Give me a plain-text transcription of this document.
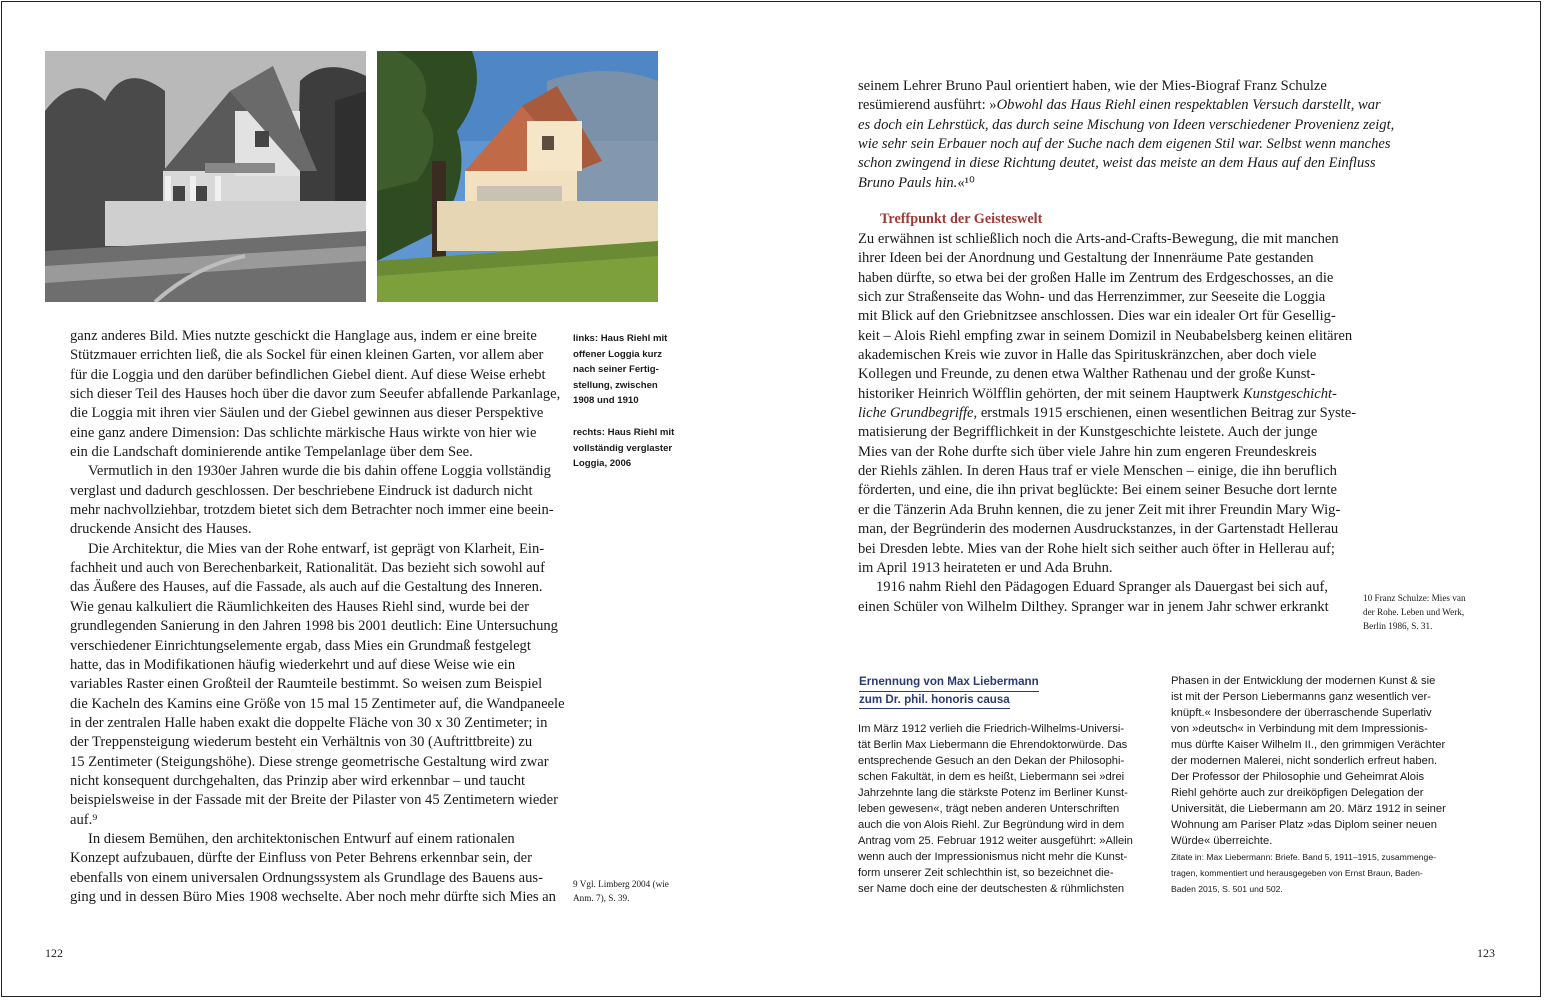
links: Haus Riehl mit
offener Loggia kurz
nach seiner Fertig-
stellung, zwischen
1908 und 1910

rechts: Haus Riehl mit
vollständig verglaster
Loggia, 2006

ganz anderes Bild. Mies nutzte geschickt die Hanglage aus, indem er eine breite

Stützmauer errichten ließ, die als Sockel für einen kleinen Garten, vor allem aber

für die Loggia und den darüber befindlichen Giebel dient. Auf diese Weise erhebt

sich dieser Teil des Hauses hoch über die davor zum Seeufer abfallende Parkanlage,

die Loggia mit ihren vier Säulen und der Giebel gewinnen aus dieser Perspektive

eine ganz andere Dimension: Das schlichte märkische Haus wirkte von hier wie

ein die Landschaft dominierende antike Tempelanlage über dem See.

Vermutlich in den 1930er Jahren wurde die bis dahin offene Loggia vollständig

verglast und dadurch geschlossen. Der beschriebene Eindruck ist dadurch nicht

mehr nachvollziehbar, trotzdem bietet sich dem Betrachter noch immer eine beein-

druckende Ansicht des Hauses.

Die Architektur, die Mies van der Rohe entwarf, ist geprägt von Klarheit, Ein-

fachheit und auch von Berechenbarkeit, Rationalität. Das bezieht sich sowohl auf

das Äußere des Hauses, auf die Fassade, als auch auf die Gestaltung des Inneren.

Wie genau kalkuliert die Räumlichkeiten des Hauses Riehl sind, wurde bei der

grundlegenden Sanierung in den Jahren 1998 bis 2001 deutlich: Eine Untersuchung

verschiedener Einrichtungselemente ergab, dass Mies ein Grundmaß festgelegt

hatte, das in Modifikationen häufig wiederkehrt und auf diese Weise wie ein

variables Raster einen Großteil der Raumteile bestimmt. So weisen zum Beispiel

die Kacheln des Kamins eine Größe von 15 mal 15 Zentimeter auf, die Wandpaneele

in der zentralen Halle haben exakt die doppelte Fläche von 30 x 30 Zentimeter; in

der Treppensteigung wiederum besteht ein Verhältnis von 30 (Auftrittbreite) zu

15 Zentimeter (Steigungshöhe). Diese strenge geometrische Gestaltung wird zwar

nicht konsequent durchgehalten, das Prinzip aber wird erkennbar – und taucht

beispielsweise in der Fassade mit der Breite der Pilaster von 45 Zentimetern wieder

auf.⁹

In diesem Bemühen, den architektonischen Entwurf auf einem rationalen

Konzept aufzubauen, dürfte der Einfluss von Peter Behrens erkennbar sein, der

ebenfalls von einem universalen Ordnungssystem als Grundlage des Bauens aus-

ging und in dessen Büro Mies 1908 wechselte. Aber noch mehr dürfte sich Mies an

9 Vgl. Limberg 2004 (wie

Anm. 7), S. 39.

122

seinem Lehrer Bruno Paul orientiert haben, wie der Mies-Biograf Franz Schulze

resümierend ausführt: »Obwohl das Haus Riehl einen respektablen Versuch darstellt, war

es doch ein Lehrstück, das durch seine Mischung von Ideen verschiedener Provenienz zeigt,

wie sehr sein Erbauer noch auf der Suche nach dem eigenen Stil war. Selbst wenn manches

schon zwingend in diese Richtung deutet, weist das meiste an dem Haus auf den Einfluss

Bruno Pauls hin.«¹⁰

Treffpunkt der Geisteswelt

Zu erwähnen ist schließlich noch die Arts-and-Crafts-Bewegung, die mit manchen

ihrer Ideen bei der Anordnung und Gestaltung der Innenräume Pate gestanden

haben dürfte, so etwa bei der großen Halle im Zentrum des Erdgeschosses, an die

sich zur Straßenseite das Wohn- und das Herrenzimmer, zur Seeseite die Loggia

mit Blick auf den Griebnitzsee anschlossen. Dies war ein idealer Ort für Gesellig-

keit – Alois Riehl empfing zwar in seinem Domizil in Neubabelsberg keinen elitären

akademischen Kreis wie zuvor in Halle das Spirituskränzchen, aber doch viele

Kollegen und Freunde, zu denen etwa Walther Rathenau und der große Kunst-

historiker Heinrich Wölfflin gehörten, der mit seinem Hauptwerk Kunstgeschicht-

liche Grundbegriffe, erstmals 1915 erschienen, einen wesentlichen Beitrag zur Syste-

matisierung der Begrifflichkeit in der Kunstgeschichte leistete. Auch der junge

Mies van der Rohe durfte sich über viele Jahre hin zum engeren Freundeskreis

der Riehls zählen. In deren Haus traf er viele Menschen – einige, die ihn beruflich

förderten, und eine, die ihn privat beglückte: Bei einem seiner Besuche dort lernte

er die Tänzerin Ada Bruhn kennen, die zu jener Zeit mit ihrer Freundin Mary Wig-

man, der Begründerin des modernen Ausdruckstanzes, in der Gartenstadt Hellerau

bei Dresden lebte. Mies van der Rohe hielt sich seither auch öfter in Hellerau auf;

im April 1913 heirateten er und Ada Bruhn.

1916 nahm Riehl den Pädagogen Eduard Spranger als Dauergast bei sich auf,

einen Schüler von Wilhelm Dilthey. Spranger war in jenem Jahr schwer erkrankt

10 Franz Schulze: Mies van

der Rohe. Leben und Werk,

Berlin 1986, S. 31.

Ernennung von Max Liebermann
zum Dr. phil. honoris causa

Im März 1912 verlieh die Friedrich-Wilhelms-Universi-

tät Berlin Max Liebermann die Ehrendoktorwürde. Das

entsprechende Gesuch an den Dekan der Philosophi-

schen Fakultät, in dem es heißt, Liebermann sei »drei

Jahrzehnte lang die stärkste Potenz im Berliner Kunst-

leben gewesen«, trägt neben anderen Unterschriften

auch die von Alois Riehl. Zur Begründung wird in dem

Antrag vom 25. Februar 1912 weiter ausgeführt: »Allein

wenn auch der Impressionismus nicht mehr die Kunst-

form unserer Zeit schlechthin ist, so bezeichnet die-

ser Name doch eine der deutschesten & rühmlichsten

Phasen in der Entwicklung der modernen Kunst & sie

ist mit der Person Liebermanns ganz wesentlich ver-

knüpft.« Insbesondere der überraschende Superlativ

von »deutsch« in Verbindung mit dem Impressionis-

mus dürfte Kaiser Wilhelm II., den grimmigen Verächter

der modernen Malerei, nicht sonderlich erfreut haben.

Der Professor der Philosophie und Geheimrat Alois

Riehl gehörte auch zur dreiköpfigen Delegation der

Universität, die Liebermann am 20. März 1912 in seiner

Wohnung am Pariser Platz »das Diplom seiner neuen

Würde« überreichte.

Zitate in: Max Liebermann: Briefe. Band 5, 1911–1915, zusammenge-

tragen, kommentiert und herausgegeben von Ernst Braun, Baden-

Baden 2015, S. 501 und 502.

123
